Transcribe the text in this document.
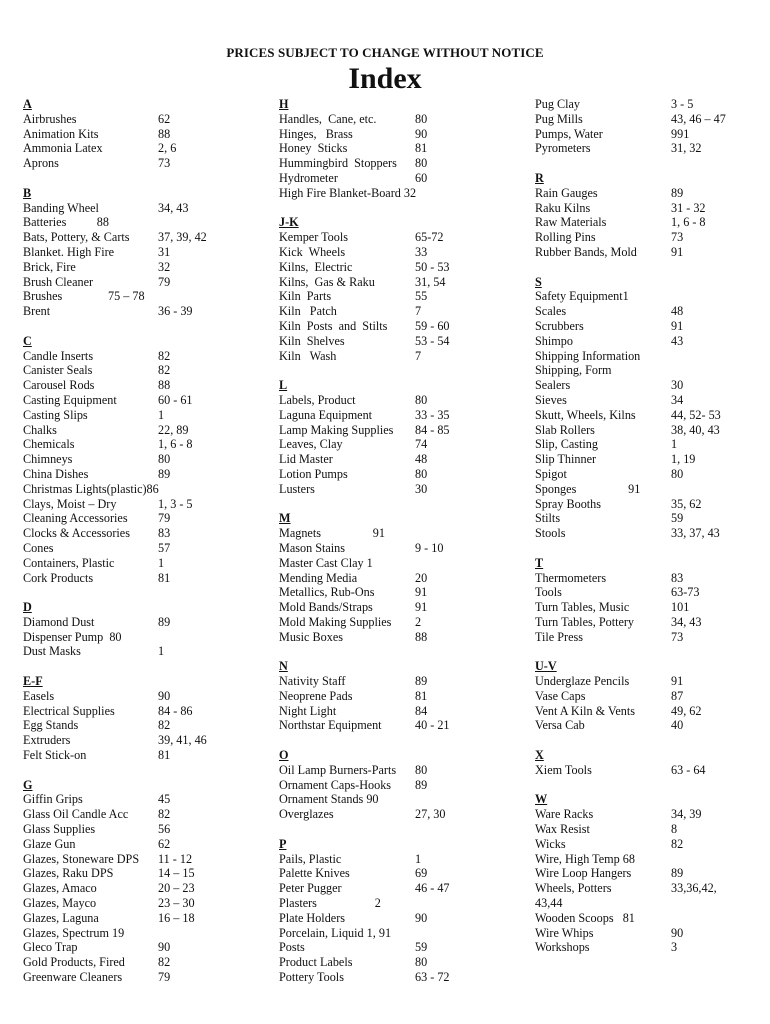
PRICES SUBJECT TO CHANGE WITHOUT NOTICE
Index
A
Airbrushes	62
Animation Kits	88
Ammonia Latex	2, 6
Aprons	73
B
Banding Wheel	34, 43
Batteries          88
Bats, Pottery, & Carts 37, 39, 42
Blanket. High Fire	31
Brick, Fire	32
Brush Cleaner	79
Brushes               75 – 78
Brent	36 - 39
C
Candle Inserts	82
Canister Seals	82
Carousel Rods	88
Casting Equipment	60 - 61
Casting Slips	1
Chalks	22, 89
Chemicals	1, 6 - 8
Chimneys	80
China Dishes	89
Christmas Lights(plastic)86
Clays, Moist – Dry	1, 3 - 5
Cleaning Accessories 79
Clocks & Accessories 83
Cones	57
Containers, Plastic	1
Cork Products	81
D
Diamond Dust	89
Dispenser Pump  80
Dust Masks	1
E-F
Easels	90
Electrical Supplies	84 - 86
Egg Stands	82
Extruders	39, 41, 46
Felt Stick-on	81
G
Giffin Grips	45
Glass Oil Candle Acc 82
Glass Supplies	56
Glaze Gun	62
Glazes, Stoneware DPS 11 - 12
Glazes, Raku DPS	14 – 15
Glazes, Amaco	20 – 23
Glazes, Mayco	23 – 30
Glazes, Laguna	16 – 18
Glazes, Spectrum 19
Gleco Trap	90
Gold Products, Fired	82
Greenware Cleaners	79
H
Handles,  Cane, etc.	80
Hinges,   Brass	90
Honey  Sticks	81
Hummingbird  Stoppers 80
Hydrometer	60
High Fire Blanket-Board 32
J-K
Kemper Tools	65-72
Kick  Wheels	33
Kilns,  Electric	50 - 53
Kilns,  Gas & Raku	31, 54
Kiln  Parts	55
Kiln   Patch	7
Kiln  Posts  and  Stilts 59 - 60
Kiln  Shelves	53 - 54
Kiln   Wash	7
L
Labels, Product	80
Laguna Equipment	33 - 35
Lamp Making Supplies 84 - 85
Leaves, Clay	74
Lid Master	48
Lotion Pumps	80
Lusters	30
M
Magnets                 91
Mason Stains	9 - 10
Master Cast Clay 1
Mending Media	20
Metallics, Rub-Ons	91
Mold Bands/Straps	91
Mold Making Supplies 2
Music Boxes	88
N
Nativity Staff	89
Neoprene Pads	81
Night Light	84
Northstar Equipment	40 - 21
O
Oil Lamp Burners-Parts 80
Ornament Caps-Hooks 89
Ornament Stands 90
Overglazes	27, 30
P
Pails, Plastic	1
Palette Knives	69
Peter Pugger	46 - 47
Plasters                   2
Plate Holders	90
Porcelain, Liquid 1, 91
Posts	59
Product Labels	80
Pottery Tools	63 - 72
Pug Clay	3 - 5
Pug Mills	43, 46 – 47
Pumps, Water	991
Pyrometers	31, 32
R
Rain Gauges	89
Raku Kilns	31 - 32
Raw Materials	1, 6 - 8
Rolling Pins	73
Rubber Bands, Mold	91
S
Safety Equipment1
Scales	48
Scrubbers	91
Shimpo	43
Shipping Information
Shipping, Form
Sealers	30
Sieves	34
Skutt, Wheels, Kilns	44, 52- 53
Slab Rollers	38, 40, 43
Slip, Casting	1
Slip Thinner	1, 19
Spigot	80
Sponges                 91
Spray Booths	35, 62
Stilts	59
Stools	33, 37, 43
T
Thermometers	83
Tools	63-73
Turn Tables, Music	101
Turn Tables, Pottery	34, 43
Tile Press	73
U-V
Underglaze Pencils	91
Vase Caps	87
Vent A Kiln & Vents	49, 62
Versa Cab	40
X
Xiem Tools	63 - 64
W
Ware Racks	34, 39
Wax Resist	8
Wicks	82
Wire, High Temp 68
Wire Loop Hangers	89
Wheels, Potters	33,36,42,
43,44
Wooden Scoops   81
Wire Whips	90
Workshops	3
